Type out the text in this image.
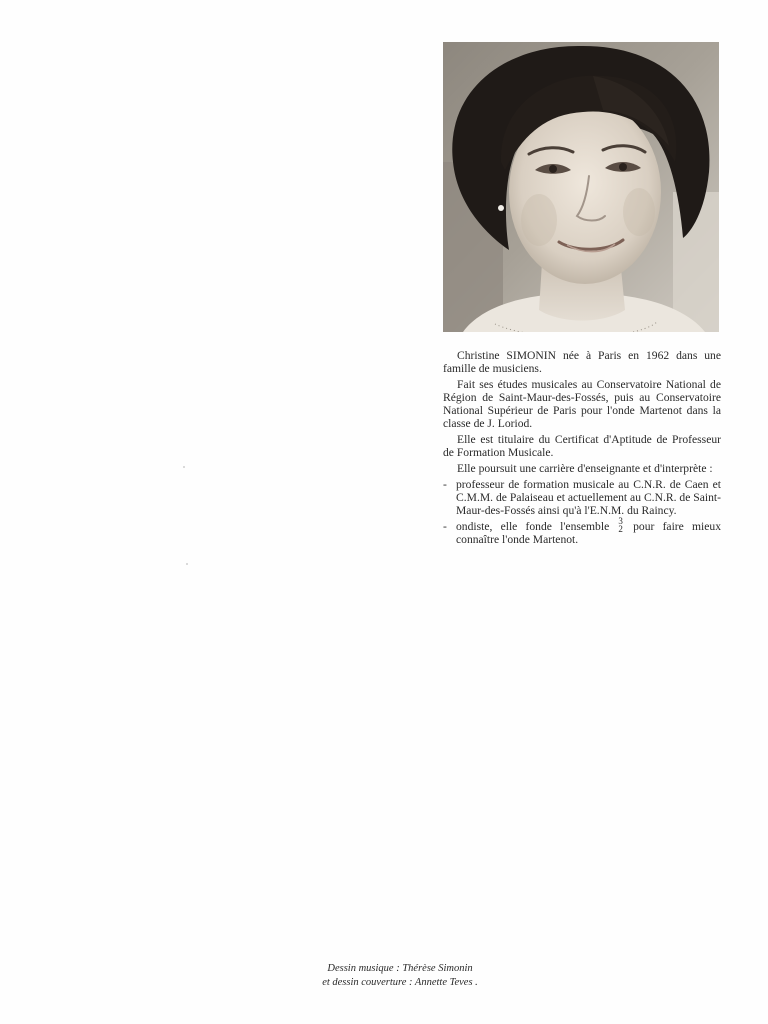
Christine SIMONIN née à Paris en 1962 dans une famille de musiciens.

Fait ses études musicales au Conservatoire National de Région de Saint-Maur-des-Fossés, puis au Conservatoire National Supérieur de Paris pour l'onde Martenot dans la classe de J. Loriod.

Elle est titulaire du Certificat d'Aptitude de Professeur de Formation Musicale.

Elle poursuit une carrière d'enseignante et d'interprète :

- professeur de formation musicale au C.N.R. de Caen et C.M.M. de Palaiseau et actuellement au C.N.R. de Saint-Maur-des-Fossés ainsi qu'à l'E.N.M. du Raincy.
- ondiste, elle fonde l'ensemble 3
2 pour faire mieux connaître l'onde Martenot.
Dessin musique : Thérèse Simonin
et dessin couverture : Annette Teves .
